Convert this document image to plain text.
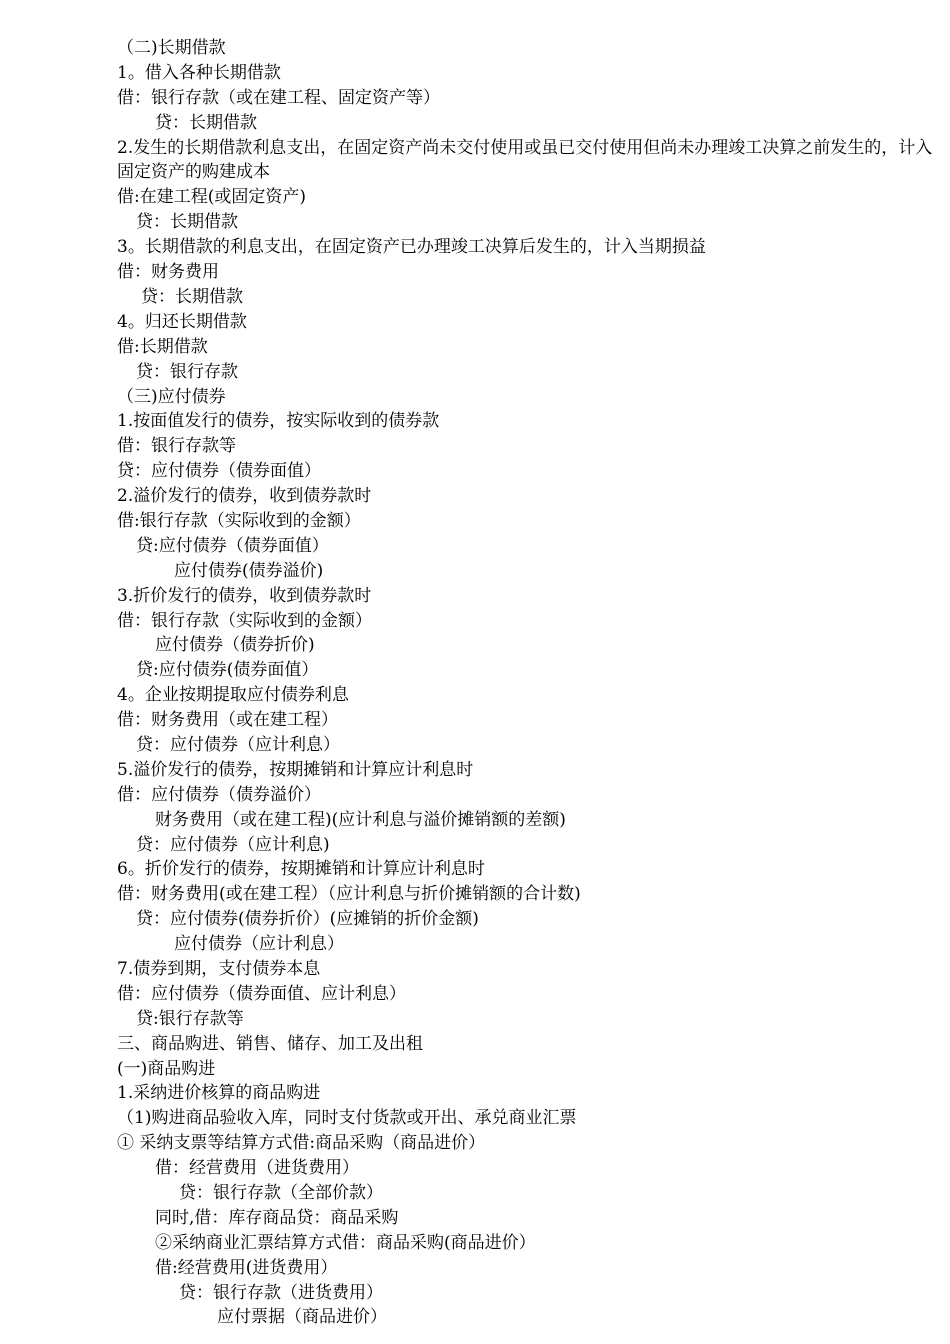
（二)长期借款
1。借入各种长期借款
借：银行存款（或在建工程、固定资产等）
贷：长期借款
2.发生的长期借款利息支出，在固定资产尚未交付使用或虽已交付使用但尚未办理竣工决算之前发生的，计入固定资产的购建成本
借:在建工程(或固定资产)
贷：长期借款
3。长期借款的利息支出，在固定资产已办理竣工决算后发生的，计入当期损益
借：财务费用
贷：长期借款
4。归还长期借款
借:长期借款
贷：银行存款
（三)应付债券
1.按面值发行的债券，按实际收到的债券款
借：银行存款等
贷：应付债券（债券面值）
2.溢价发行的债券，收到债券款时
借:银行存款（实际收到的金额）
贷:应付债券（债券面值）
应付债券(债券溢价)
3.折价发行的债券，收到债券款时
借：银行存款（实际收到的金额）
应付债券（债券折价)
贷:应付债券(债券面值）
4。企业按期提取应付债券利息
借：财务费用（或在建工程）
贷：应付债券（应计利息）
5.溢价发行的债券，按期摊销和计算应计利息时
借：应付债券（债券溢价）
财务费用（或在建工程)(应计利息与溢价摊销额的差额)
贷：应付债券（应计利息)
6。折价发行的债券，按期摊销和计算应计利息时
借：财务费用(或在建工程）（应计利息与折价摊销额的合计数)
贷：应付债券(债券折价）(应摊销的折价金额)
应付债券（应计利息）
7.债券到期，支付债券本息
借：应付债券（债券面值、应计利息）
贷:银行存款等
三、商品购进、销售、储存、加工及出租
(一)商品购进
1.采纳进价核算的商品购进
（1)购进商品验收入库，同时支付货款或开出、承兑商业汇票
① 采纳支票等结算方式借:商品采购（商品进价）
借：经营费用（进货费用）
贷：银行存款（全部价款）
同时,借：库存商品贷：商品采购
②采纳商业汇票结算方式借：商品采购(商品进价）
借:经营费用(进货费用）
贷：银行存款（进货费用）
应付票据（商品进价）
